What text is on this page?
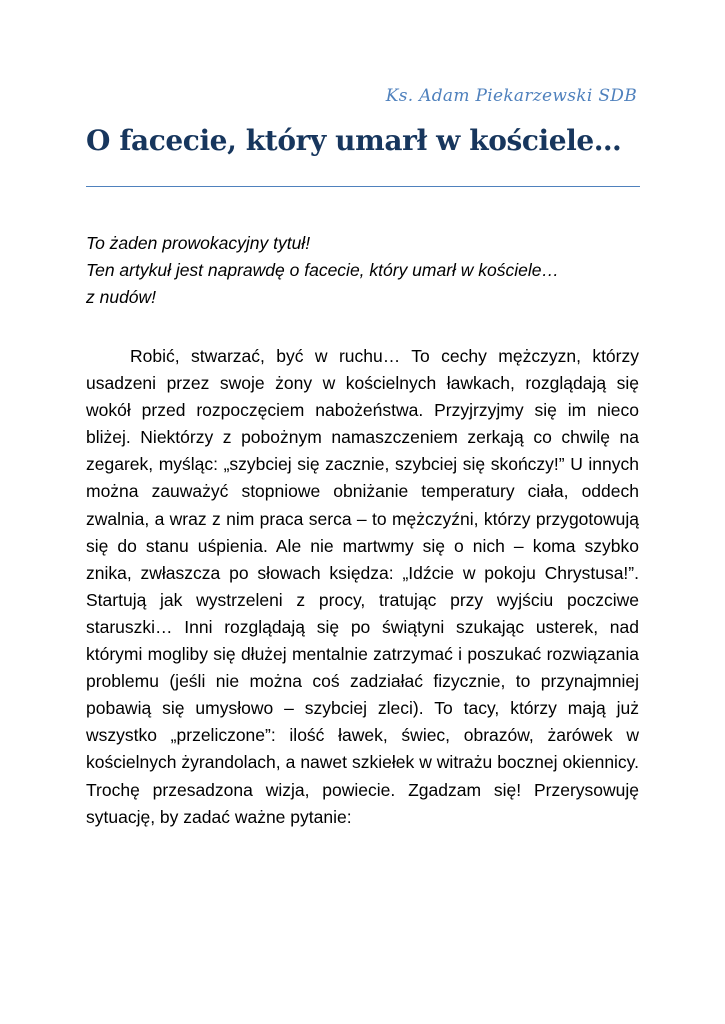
Ks. Adam Piekarzewski SDB
O facecie, który umarł w kościele…
To żaden prowokacyjny tytuł!
Ten artykuł jest naprawdę o facecie, który umarł w kościele…
z nudów!

Robić, stwarzać, być w ruchu… To cechy mężczyzn, którzy usadzeni przez swoje żony w kościelnych ławkach, rozglądają się wokół przed rozpoczęciem nabożeństwa. Przyjrzyjmy się im nieco bliżej. Niektórzy z pobożnym namaszczeniem zerkają co chwilę na zegarek, myśląc: „szybciej się zacznie, szybciej się skończy!” U innych można zauważyć stopniowe obniżanie temperatury ciała, oddech zwalnia, a wraz z nim praca serca – to mężczyźni, którzy przygotowują się do stanu uśpienia. Ale nie martwmy się o nich – koma szybko znika, zwłaszcza po słowach księdza: „Idźcie w pokoju Chrystusa!”. Startują jak wystrzeleni z procy, tratując przy wyjściu poczciwe staruszki… Inni rozglądają się po świątyni szukając usterek, nad którymi mogliby się dłużej mentalnie zatrzymać i poszukać rozwiązania problemu (jeśli nie można coś zadziałać fizycznie, to przynajmniej pobawią się umysłowo – szybciej zleci). To tacy, którzy mają już wszystko „przeliczone”: ilość ławek, świec, obrazów, żarówek w kościelnych żyrandolach, a nawet szkiełek w witrażu bocznej okiennicy. Trochę przesadzona wizja, powiecie. Zgadzam się! Przerysowuję sytuację, by zadać ważne pytanie:
